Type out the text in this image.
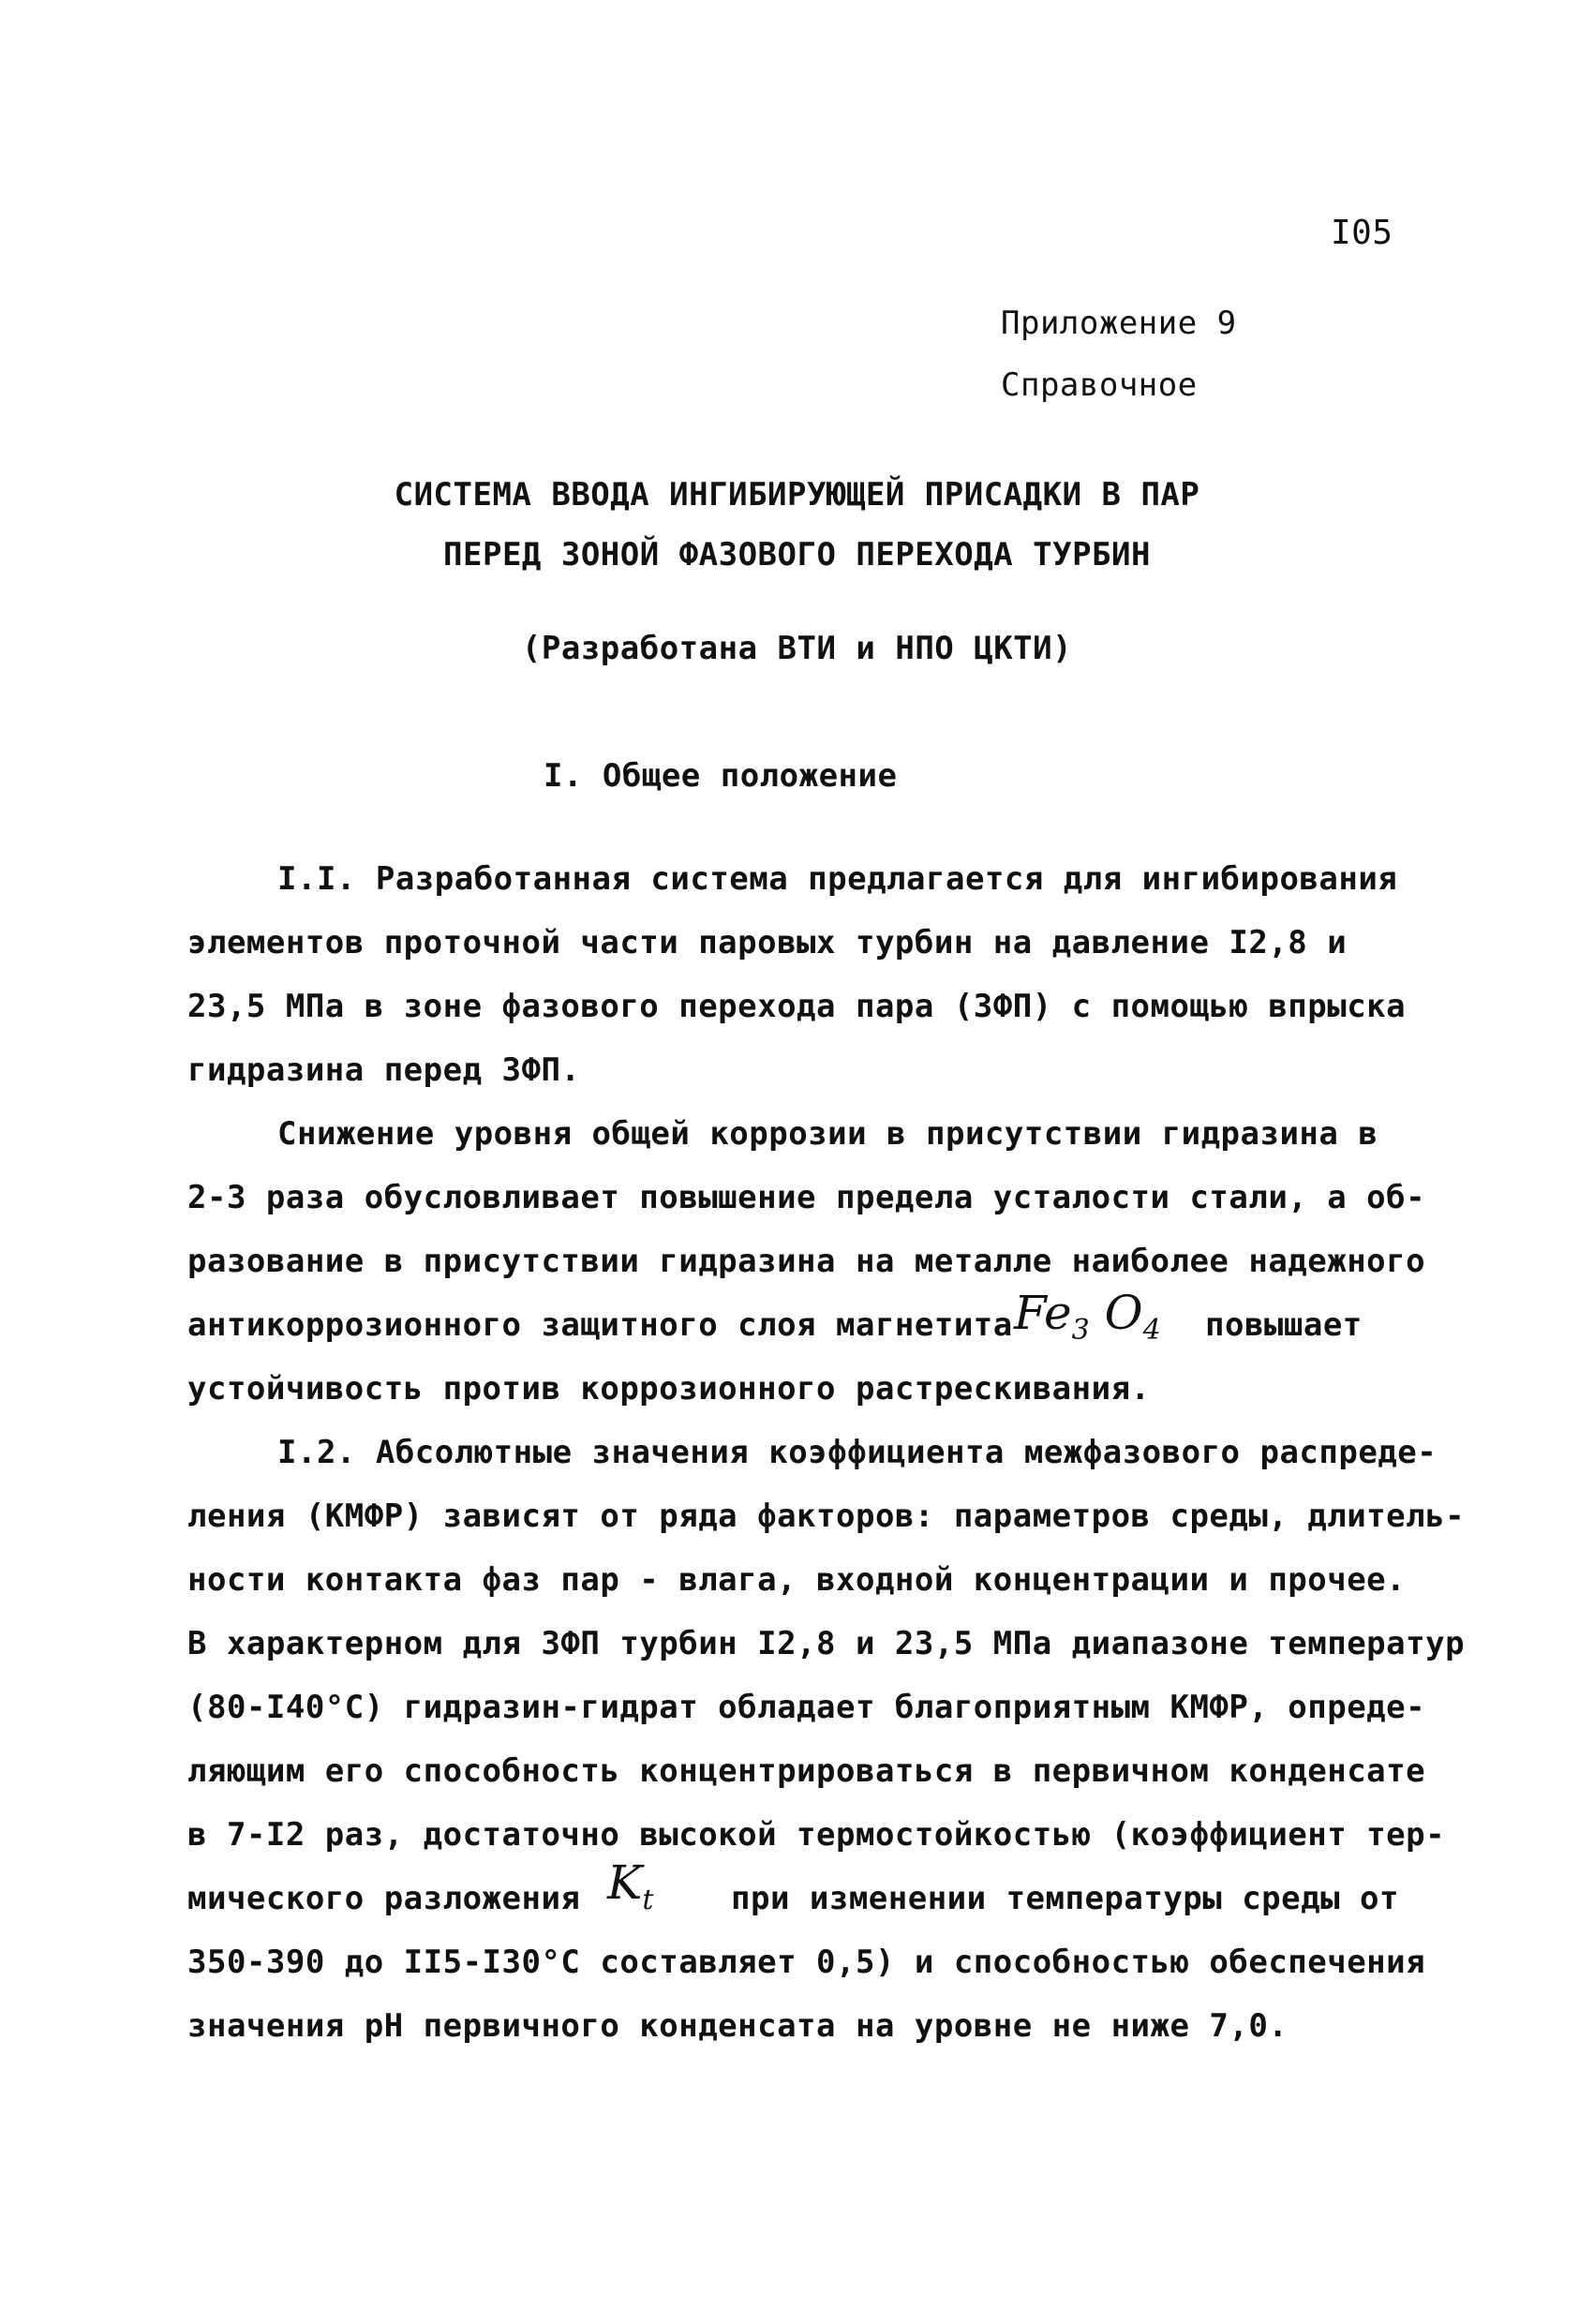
I05
Приложение 9
Справочное
СИСТЕМА ВВОДА ИНГИБИРУЮЩЕЙ ПРИСАДКИ В ПАР
ПЕРЕД ЗОНОЙ ФАЗОВОГО ПЕРЕХОДА ТУРБИН
(Разработана ВТИ и НПО ЦКТИ)
I. Общее положение
I.I. Разработанная система предлагается для ингибирования
элементов проточной части паровых турбин на давление I2,8 и
23,5 МПа в зоне фазового перехода пара (ЗФП) с помощью впрыска
гидразина перед ЗФП.
Снижение уровня общей коррозии в присутствии гидразина в
2-3 раза обусловливает повышение предела усталости стали, а об-
разование в присутствии гидразина на металле наиболее надежного
антикоррозионного защитного слоя магнетита $Fe_3$ $O_4$ повышает
устойчивость против коррозионного растрескивания.
I.2. Абсолютные значения коэффициента межфазового распреде-
ления (КМФР) зависят от ряда факторов: параметров среды, длитель-
ности контакта фаз пар - влага, входной концентрации и прочее.
В характерном для ЗФП турбин I2,8 и 23,5 МПа диапазоне температур
(80-I40°С) гидразин-гидрат обладает благоприятным КМФР, опреде-
ляющим его способность концентрироваться в первичном конденсате
в 7-I2 раз, достаточно высокой термостойкостью (коэффициент тер-
мического разложения $K_t$ при изменении температуры среды от
350-390 до II5-I30°С составляет 0,5) и способностью обеспечения
значения рН первичного конденсата на уровне не ниже 7,0.
